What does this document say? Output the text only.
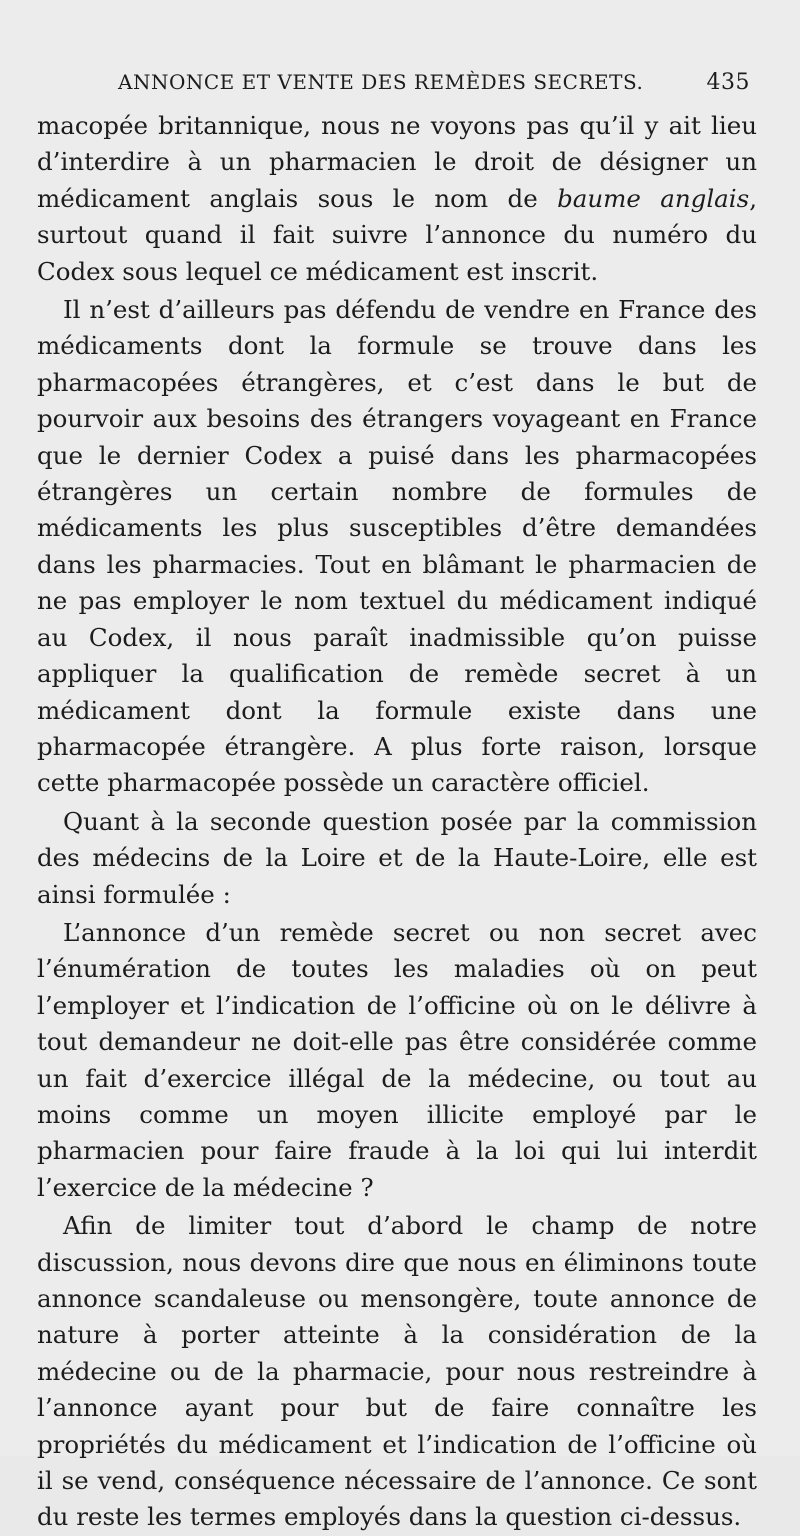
ANNONCE ET VENTE DES REMÈDES SECRETS.	435

macopée britannique, nous ne voyons pas qu’il y ait lieu d’interdire à un pharmacien le droit de désigner un médicament anglais sous le nom de baume anglais, surtout quand il fait suivre l’annonce du numéro du Codex sous lequel ce médicament est inscrit.

Il n’est d’ailleurs pas défendu de vendre en France des médicaments dont la formule se trouve dans les pharmacopées étrangères, et c’est dans le but de pourvoir aux besoins des étrangers voyageant en France que le dernier Codex a puisé dans les pharmacopées étrangères un certain nombre de formules de médicaments les plus susceptibles d’être demandées dans les pharmacies. Tout en blâmant le pharmacien de ne pas employer le nom textuel du médicament indiqué au Codex, il nous paraît inadmissible qu’on puisse appliquer la qualification de remède secret à un médicament dont la formule existe dans une pharmacopée étrangère. A plus forte raison, lorsque cette pharmacopée possède un caractère officiel.

Quant à la seconde question posée par la commission des médecins de la Loire et de la Haute-Loire, elle est ainsi formulée :

L’annonce d’un remède secret ou non secret avec l’énumération de toutes les maladies où on peut l’employer et l’indication de l’officine où on le délivre à tout demandeur ne doit-elle pas être considérée comme un fait d’exercice illégal de la médecine, ou tout au moins comme un moyen illicite employé par le pharmacien pour faire fraude à la loi qui lui interdit l’exercice de la médecine ?

Afin de limiter tout d’abord le champ de notre discussion, nous devons dire que nous en éliminons toute annonce scandaleuse ou mensongère, toute annonce de nature à porter atteinte à la considération de la médecine ou de la pharmacie, pour nous restreindre à l’annonce ayant pour but de faire connaître les propriétés du médicament et l’indication de l’officine où il se vend, conséquence nécessaire de l’annonce. Ce sont du reste les termes employés dans la question ci-dessus.
